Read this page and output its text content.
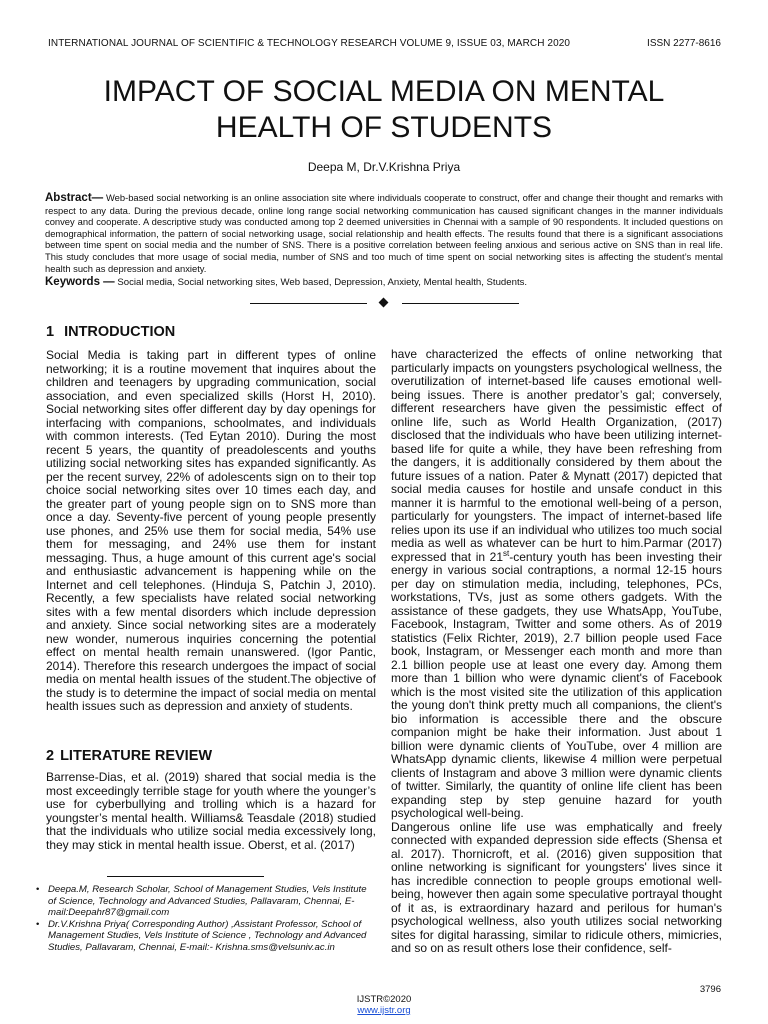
INTERNATIONAL JOURNAL OF SCIENTIFIC & TECHNOLOGY RESEARCH VOLUME 9, ISSUE 03, MARCH 2020	ISSN 2277-8616
IMPACT OF SOCIAL MEDIA ON MENTAL
HEALTH OF STUDENTS
Deepa M, Dr.V.Krishna Priya
Abstract— Web-based social networking is an online association site where individuals cooperate to construct, offer and change their thought and remarks with respect to any data. During the previous decade, online long range social networking communication has caused significant changes in the manner individuals convey and cooperate. A descriptive study was conducted among top 2 deemed universities in Chennai with a sample of 90 respondents. It included questions on demographical information, the pattern of social networking usage, social relationship and health effects. The results found that there is a significant associations between time spent on social media and the number of SNS. There is a positive correlation between feeling anxious and serious active on SNS than in real life. This study concludes that more usage of social media, number of SNS and too much of time spent on social networking sites is affecting the student’s mental health such as depression and anxiety.
Keywords — Social media, Social networking sites, Web based, Depression, Anxiety, Mental health, Students.
1 INTRODUCTION

Social Media is taking part in different types of online networking; it is a routine movement that inquires about the children and teenagers by upgrading communication, social association, and even specialized skills (Horst H, 2010). Social networking sites offer different day by day openings for interfacing with companions, schoolmates, and individuals with common interests. (Ted Eytan 2010). During the most recent 5 years, the quantity of preadolescents and youths utilizing social networking sites has expanded significantly. As per the recent survey, 22% of adolescents sign on to their top choice social networking sites over 10 times each day, and the greater part of young people sign on to SNS more than once a day. Seventy-five percent of young people presently use phones, and 25% use them for social media, 54% use them for messaging, and 24% use them for instant messaging. Thus, a huge amount of this current age's social and enthusiastic advancement is happening while on the Internet and cell telephones. (Hinduja S, Patchin J, 2010). Recently, a few specialists have related social networking sites with a few mental disorders which include depression and anxiety. Since social networking sites are a moderately new wonder, numerous inquiries concerning the potential effect on mental health remain unanswered. (Igor Pantic, 2014). Therefore this research undergoes the impact of social media on mental health issues of the student.The objective of the study is to determine the impact of social media on mental health issues such as depression and anxiety of students.

2 LITERATURE REVIEW

Barrense-Dias, et al. (2019) shared that social media is the most exceedingly terrible stage for youth where the younger’s use for cyberbullying and trolling which is a hazard for youngster’s mental health. Williams& Teasdale (2018) studied that the individuals who utilize social media excessively long, they may stick in mental health issue. Oberst, et al. (2017)

have characterized the effects of online networking that particularly impacts on youngsters psychological wellness, the overutilization of internet-based life causes emotional well-being issues. There is another predator’s gal; conversely, different researchers have given the pessimistic effect of online life, such as World Health Organization, (2017) disclosed that the individuals who have been utilizing internet-based life for quite a while, they have been refreshing from the dangers, it is additionally considered by them about the future issues of a nation. Pater & Mynatt (2017) depicted that social media causes for hostile and unsafe conduct in this manner it is harmful to the emotional well-being of a person, particularly for youngsters. The impact of internet-based life relies upon its use if an individual who utilizes too much social media as well as whatever can be hurt to him.Parmar (2017) expressed that in 21st-century youth has been investing their energy in various social contraptions, a normal 12-15 hours per day on stimulation media, including, telephones, PCs, workstations, TVs, just as some others gadgets. With the assistance of these gadgets, they use WhatsApp, YouTube, Facebook, Instagram, Twitter and some others. As of 2019 statistics (Felix Richter, 2019), 2.7 billion people used Face book, Instagram, or Messenger each month and more than 2.1 billion people use at least one every day. Among them more than 1 billion who were dynamic client's of Facebook which is the most visited site the utilization of this application the young don't think pretty much all companions, the client's bio information is accessible there and the obscure companion might be hake their information. Just about 1 billion were dynamic clients of YouTube, over 4 million are WhatsApp dynamic clients, likewise 4 million were perpetual clients of Instagram and above 3 million were dynamic clients of twitter. Similarly, the quantity of online life client has been expanding step by step genuine hazard for youth psychological well-being.

Dangerous online life use was emphatically and freely connected with expanded depression side effects (Shensa et al. 2017). Thornicroft, et al. (2016) given supposition that online networking is significant for youngsters' lives since it has incredible connection to people groups emotional well-being, however then again some speculative portrayal thought of it as, is extraordinary hazard and perilous for human's psychological wellness, also youth utilizes social networking sites for digital harassing, similar to ridicule others, mimicries, and so on as result others lose their confidence, self-

• Deepa.M, Research Scholar, School of Management Studies, Vels Institute of Science, Technology and Advanced Studies, Pallavaram, Chennai, E-mail:Deepahr87@gmail.com
• Dr.V.Krishna Priya( Corresponding Author) ,Assistant Professor, School of Management Studies, Vels Institute of Science , Technology and Advanced Studies, Pallavaram, Chennai, E-mail:- Krishna.sms@velsuniv.ac.in
3796
IJSTR©2020
www.ijstr.org
